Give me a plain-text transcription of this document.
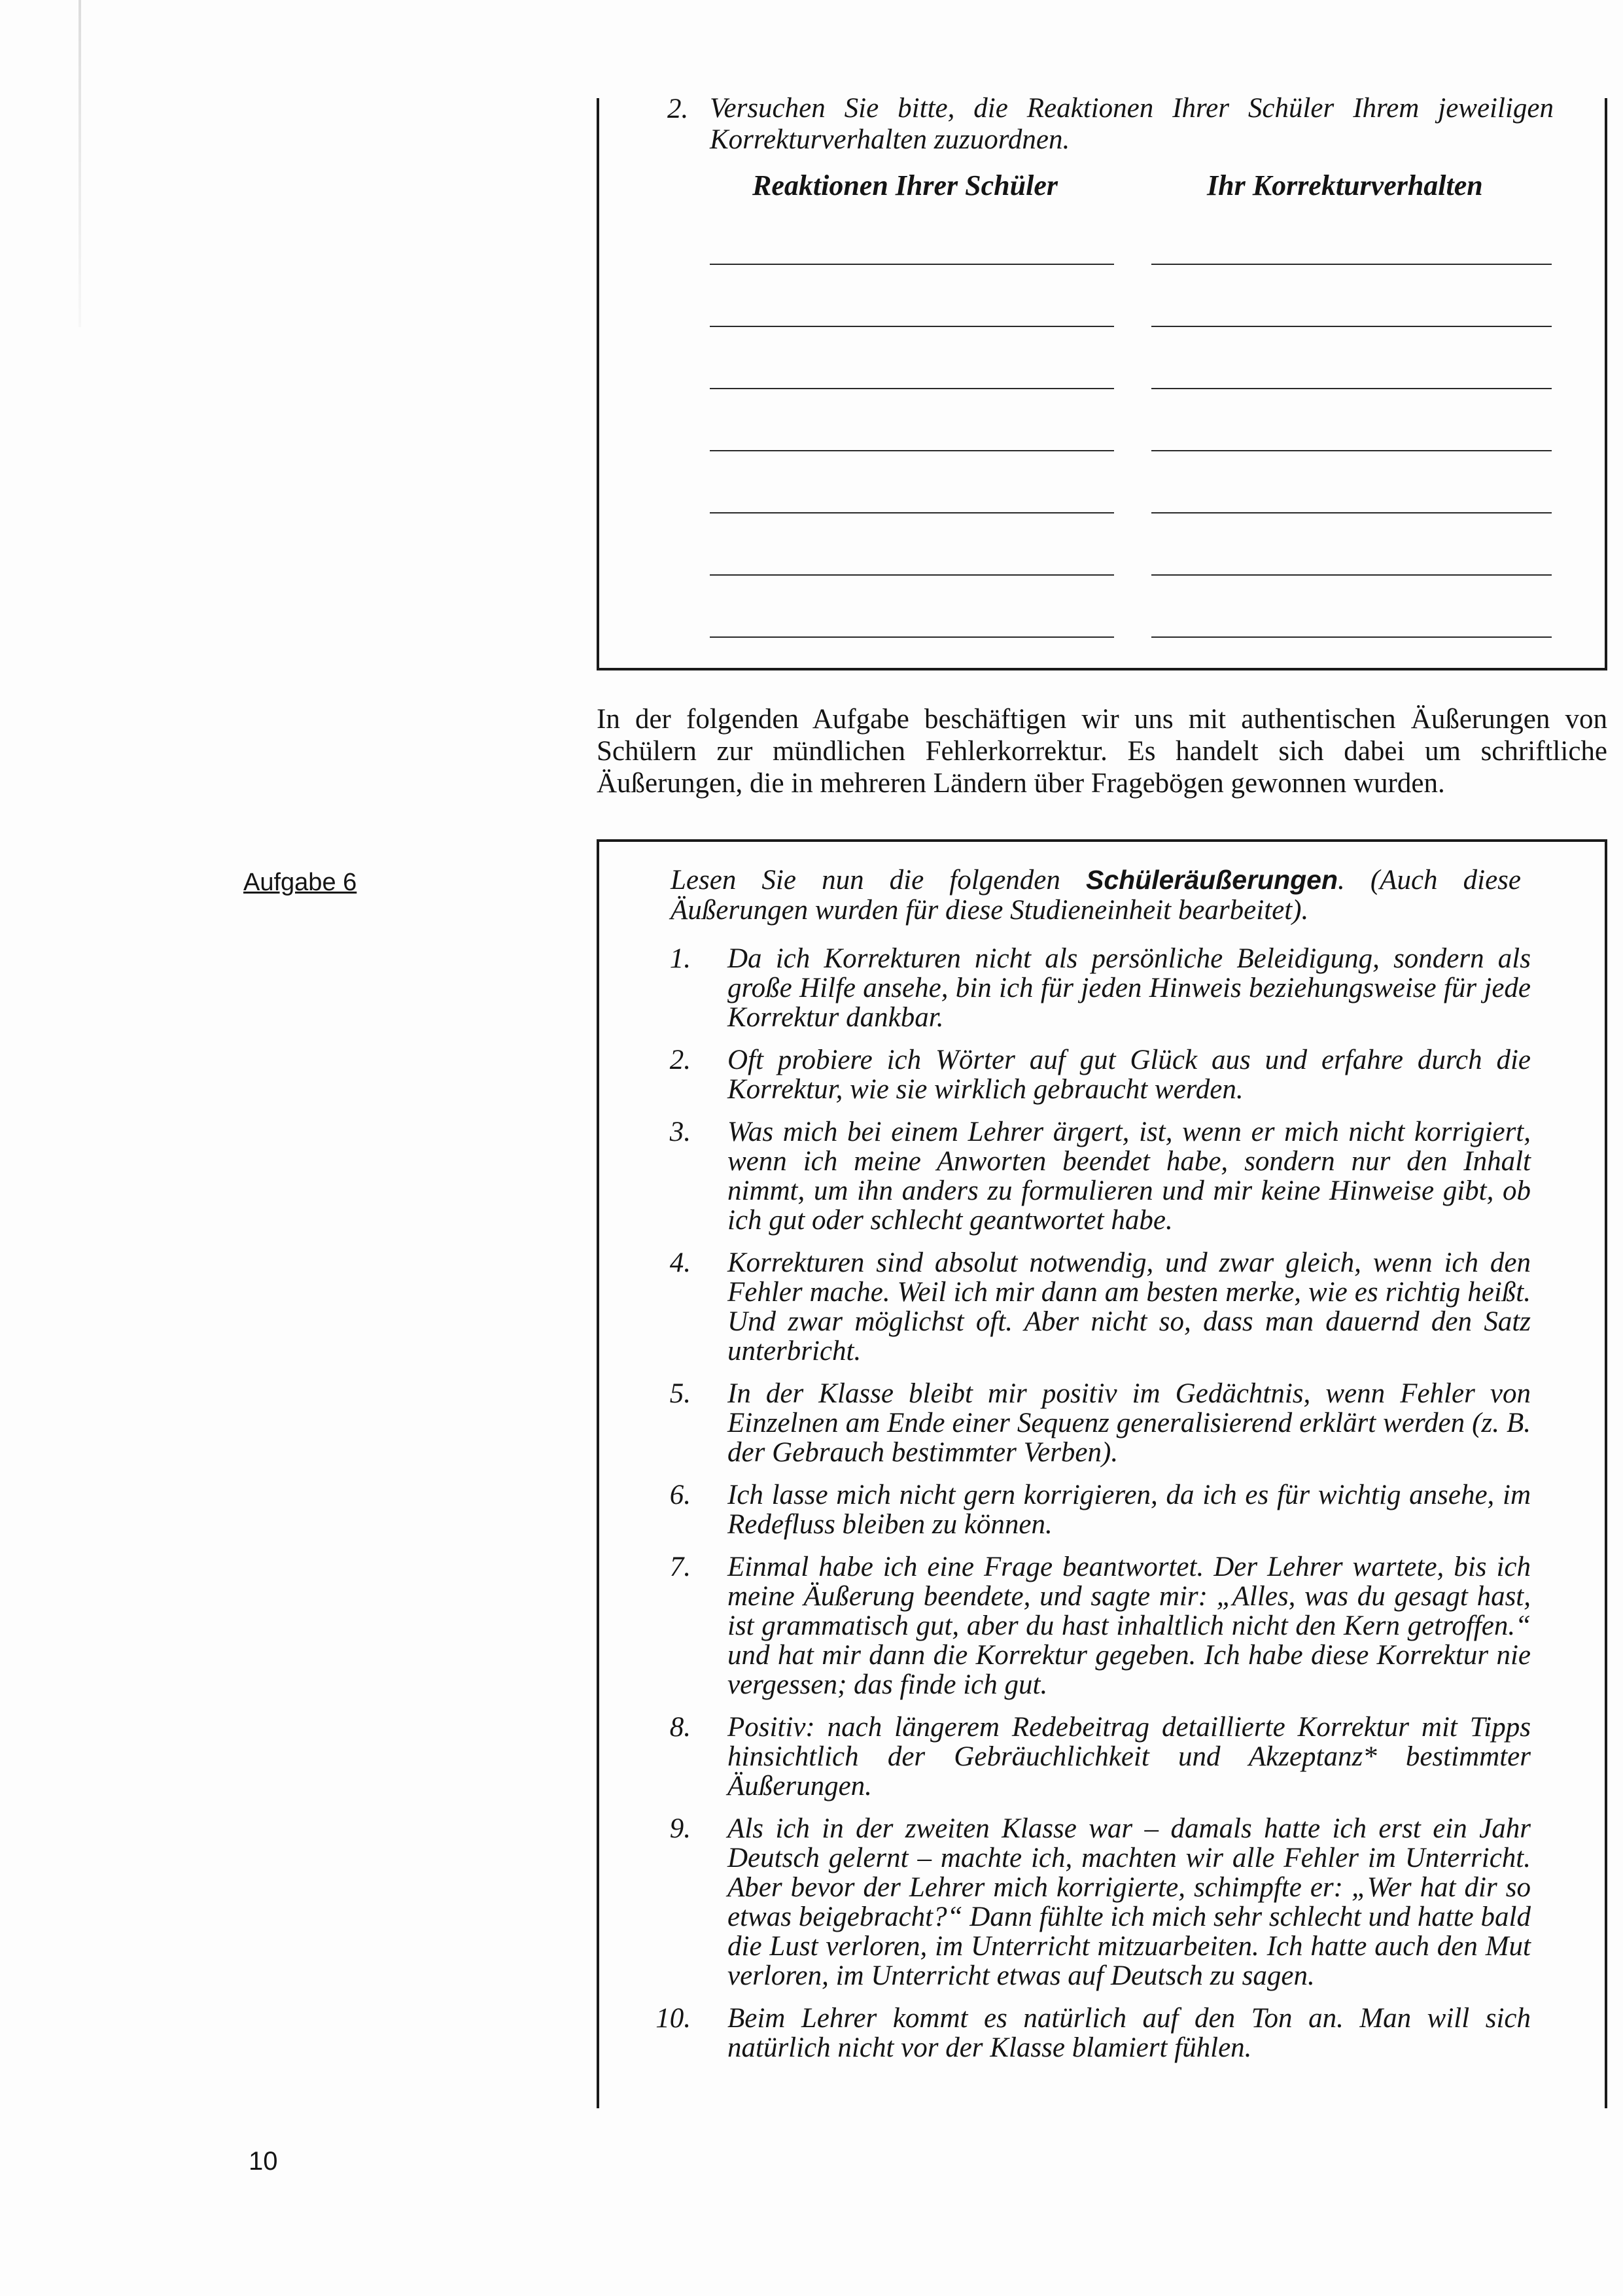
2. Versuchen Sie bitte, die Reaktionen Ihrer Schüler Ihrem jeweiligen Korrekturverhalten zuzuordnen.
Reaktionen Ihrer Schüler	Ihr Korrekturverhalten
In der folgenden Aufgabe beschäftigen wir uns mit authentischen Äußerungen von Schülern zur mündlichen Fehlerkorrektur. Es handelt sich dabei um schriftliche Äußerungen, die in mehreren Ländern über Fragebögen gewonnen wurden.
Aufgabe 6	Lesen Sie nun die folgenden Schüleräußerungen. (Auch diese Äußerungen wurden für diese Studieneinheit bearbeitet).
1.	Da ich Korrekturen nicht als persönliche Beleidigung, sondern als große Hilfe ansehe, bin ich für jeden Hinweis beziehungsweise für jede Korrektur dankbar.
2.	Oft probiere ich Wörter auf gut Glück aus und erfahre durch die Korrektur, wie sie wirklich gebraucht werden.
3.	Was mich bei einem Lehrer ärgert, ist, wenn er mich nicht korrigiert, wenn ich meine Anworten beendet habe, sondern nur den Inhalt nimmt, um ihn anders zu formulieren und mir keine Hinweise gibt, ob ich gut oder schlecht geantwortet habe.
4.	Korrekturen sind absolut notwendig, und zwar gleich, wenn ich den Fehler mache. Weil ich mir dann am besten merke, wie es richtig heißt. Und zwar möglichst oft. Aber nicht so, dass man dauernd den Satz unterbricht.
5.	In der Klasse bleibt mir positiv im Gedächtnis, wenn Fehler von Einzelnen am Ende einer Sequenz generalisierend erklärt werden (z. B. der Gebrauch bestimmter Verben).
6.	Ich lasse mich nicht gern korrigieren, da ich es für wichtig ansehe, im Redefluss bleiben zu können.
7.	Einmal habe ich eine Frage beantwortet. Der Lehrer wartete, bis ich meine Äußerung beendete, und sagte mir: „Alles, was du gesagt hast, ist grammatisch gut, aber du hast inhaltlich nicht den Kern getroffen.“ und hat mir dann die Korrektur gegeben. Ich habe diese Korrektur nie vergessen; das finde ich gut.
8.	Positiv: nach längerem Redebeitrag detaillierte Korrektur mit Tipps hinsichtlich der Gebräuchlichkeit und Akzeptanz* bestimmter Äußerungen.
9.	Als ich in der zweiten Klasse war – damals hatte ich erst ein Jahr Deutsch gelernt – machte ich, machten wir alle Fehler im Unterricht. Aber bevor der Lehrer mich korrigierte, schimpfte er: „Wer hat dir so etwas beigebracht?“ Dann fühlte ich mich sehr schlecht und hatte bald die Lust verloren, im Unterricht mitzuarbeiten. Ich hatte auch den Mut verloren, im Unterricht etwas auf Deutsch zu sagen.
10.	Beim Lehrer kommt es natürlich auf den Ton an. Man will sich natürlich nicht vor der Klasse blamiert fühlen.
10
